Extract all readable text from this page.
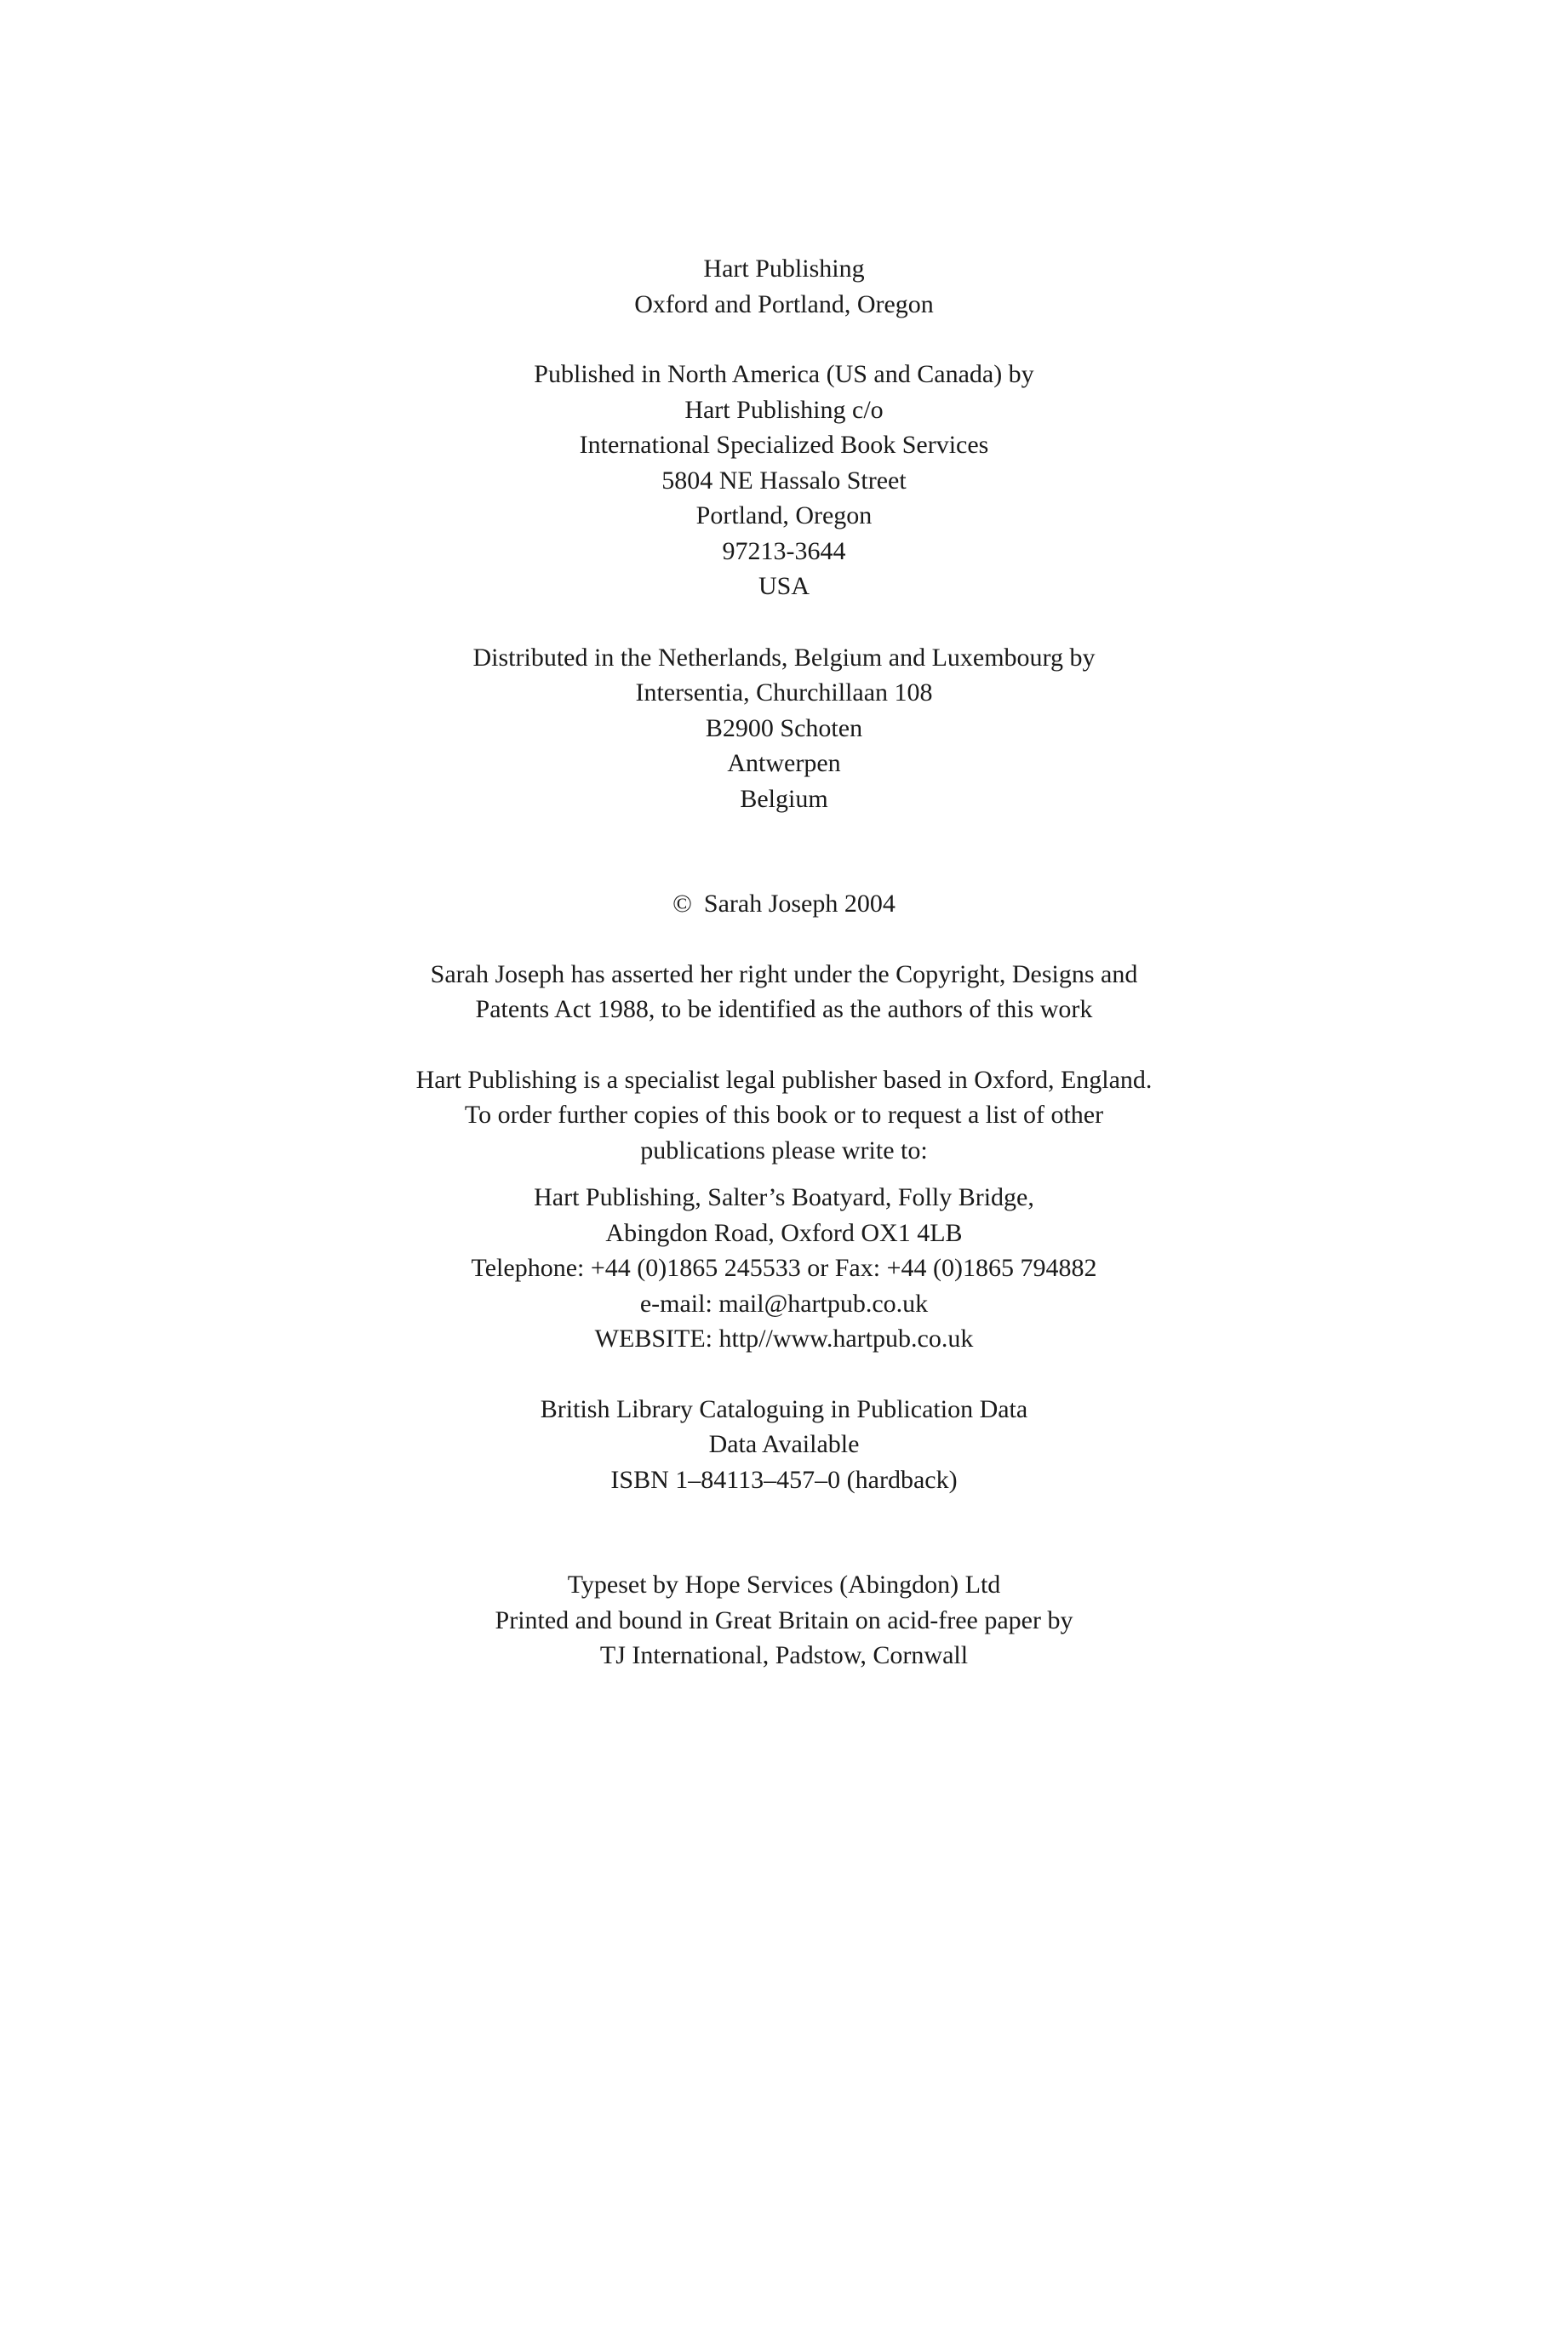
Hart Publishing
Oxford and Portland, Oregon
Published in North America (US and Canada) by
Hart Publishing c/o
International Specialized Book Services
5804 NE Hassalo Street
Portland, Oregon
97213-3644
USA
Distributed in the Netherlands, Belgium and Luxembourg by
Intersentia, Churchillaan 108
B2900 Schoten
Antwerpen
Belgium
© Sarah Joseph 2004
Sarah Joseph has asserted her right under the Copyright, Designs and
Patents Act 1988, to be identified as the authors of this work
Hart Publishing is a specialist legal publisher based in Oxford, England.
To order further copies of this book or to request a list of other
publications please write to:
Hart Publishing, Salter’s Boatyard, Folly Bridge,
Abingdon Road, Oxford OX1 4LB
Telephone: +44 (0)1865 245533 or Fax: +44 (0)1865 794882
e-mail: mail@hartpub.co.uk
WEBSITE: http//www.hartpub.co.uk
British Library Cataloguing in Publication Data
Data Available
ISBN 1–84113–457–0 (hardback)
Typeset by Hope Services (Abingdon) Ltd
Printed and bound in Great Britain on acid-free paper by
TJ International, Padstow, Cornwall
